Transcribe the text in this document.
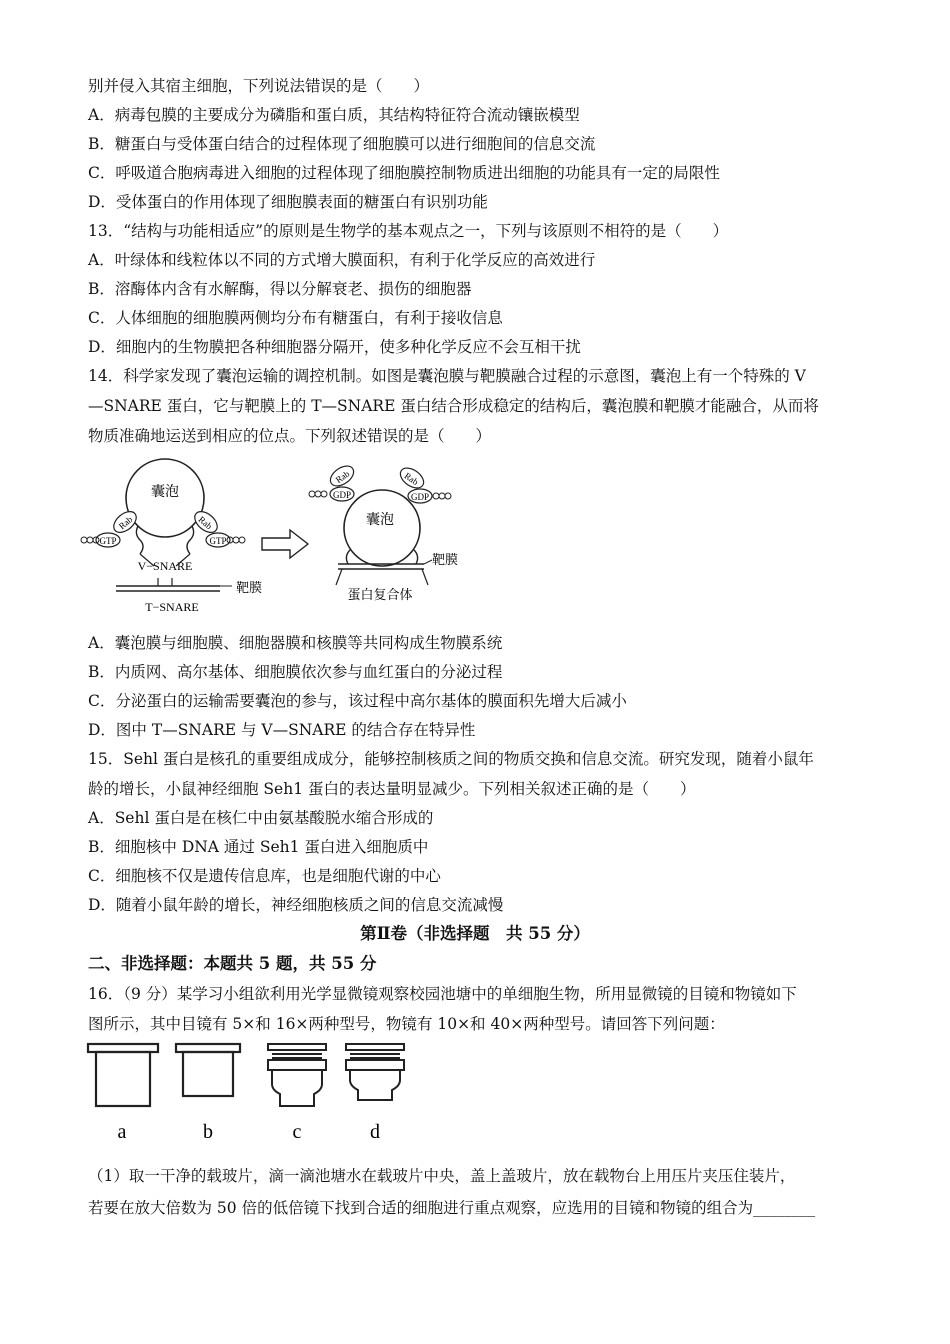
别并侵入其宿主细胞，下列说法错误的是（　　）
A．病毒包膜的主要成分为磷脂和蛋白质，其结构特征符合流动镶嵌模型
B．糖蛋白与受体蛋白结合的过程体现了细胞膜可以进行细胞间的信息交流
C．呼吸道合胞病毒进入细胞的过程体现了细胞膜控制物质进出细胞的功能具有一定的局限性
D．受体蛋白的作用体现了细胞膜表面的糖蛋白有识别功能
13．“结构与功能相适应”的原则是生物学的基本观点之一，下列与该原则不相符的是（　　）
A．叶绿体和线粒体以不同的方式增大膜面积，有利于化学反应的高效进行
B．溶酶体内含有水解酶，得以分解衰老、损伤的细胞器
C．人体细胞的细胞膜两侧均分布有糖蛋白，有利于接收信息
D．细胞内的生物膜把各种细胞器分隔开，使多种化学反应不会互相干扰
14．科学家发现了囊泡运输的调控机制。如图是囊泡膜与靶膜融合过程的示意图，囊泡上有一个特殊的 V
—SNARE 蛋白，它与靶膜上的 T—SNARE 蛋白结合形成稳定的结构后，囊泡膜和靶膜才能融合，从而将
物质准确地运送到相应的位点。下列叙述错误的是（　　）
囊泡
Rab	Rab
GTP	GTP
V−SNARE
靶膜
T−SNARE
囊泡
靶膜
蛋白复合体
Rab
GDP
Rab
GDP
A．囊泡膜与细胞膜、细胞器膜和核膜等共同构成生物膜系统
B．内质网、高尔基体、细胞膜依次参与血红蛋白的分泌过程
C．分泌蛋白的运输需要囊泡的参与，该过程中高尔基体的膜面积先增大后减小
D．图中 T—SNARE 与 V—SNARE 的结合存在特异性
15．Sehl 蛋白是核孔的重要组成成分，能够控制核质之间的物质交换和信息交流。研究发现，随着小鼠年
龄的增长，小鼠神经细胞 Seh1 蛋白的表达量明显减少。下列相关叙述正确的是（　　）
A．Sehl 蛋白是在核仁中由氨基酸脱水缩合形成的
B．细胞核中 DNA 通过 Seh1 蛋白进入细胞质中
C．细胞核不仅是遗传信息库，也是细胞代谢的中心
D．随着小鼠年龄的增长，神经细胞核质之间的信息交流减慢
第Ⅱ卷（非选择题　共 55 分）
二、非选择题：本题共 5 题，共 55 分
16．（9 分）某学习小组欲利用光学显微镜观察校园池塘中的单细胞生物，所用显微镜的目镜和物镜如下
图所示，其中目镜有 5×和 16×两种型号，物镜有 10×和 40×两种型号。请回答下列问题：
a	b	c	d
（1）取一干净的载玻片，滴一滴池塘水在载玻片中央，盖上盖玻片，放在载物台上用压片夹压住装片，
若要在放大倍数为 50 倍的低倍镜下找到合适的细胞进行重点观察，应选用的目镜和物镜的组合为________
